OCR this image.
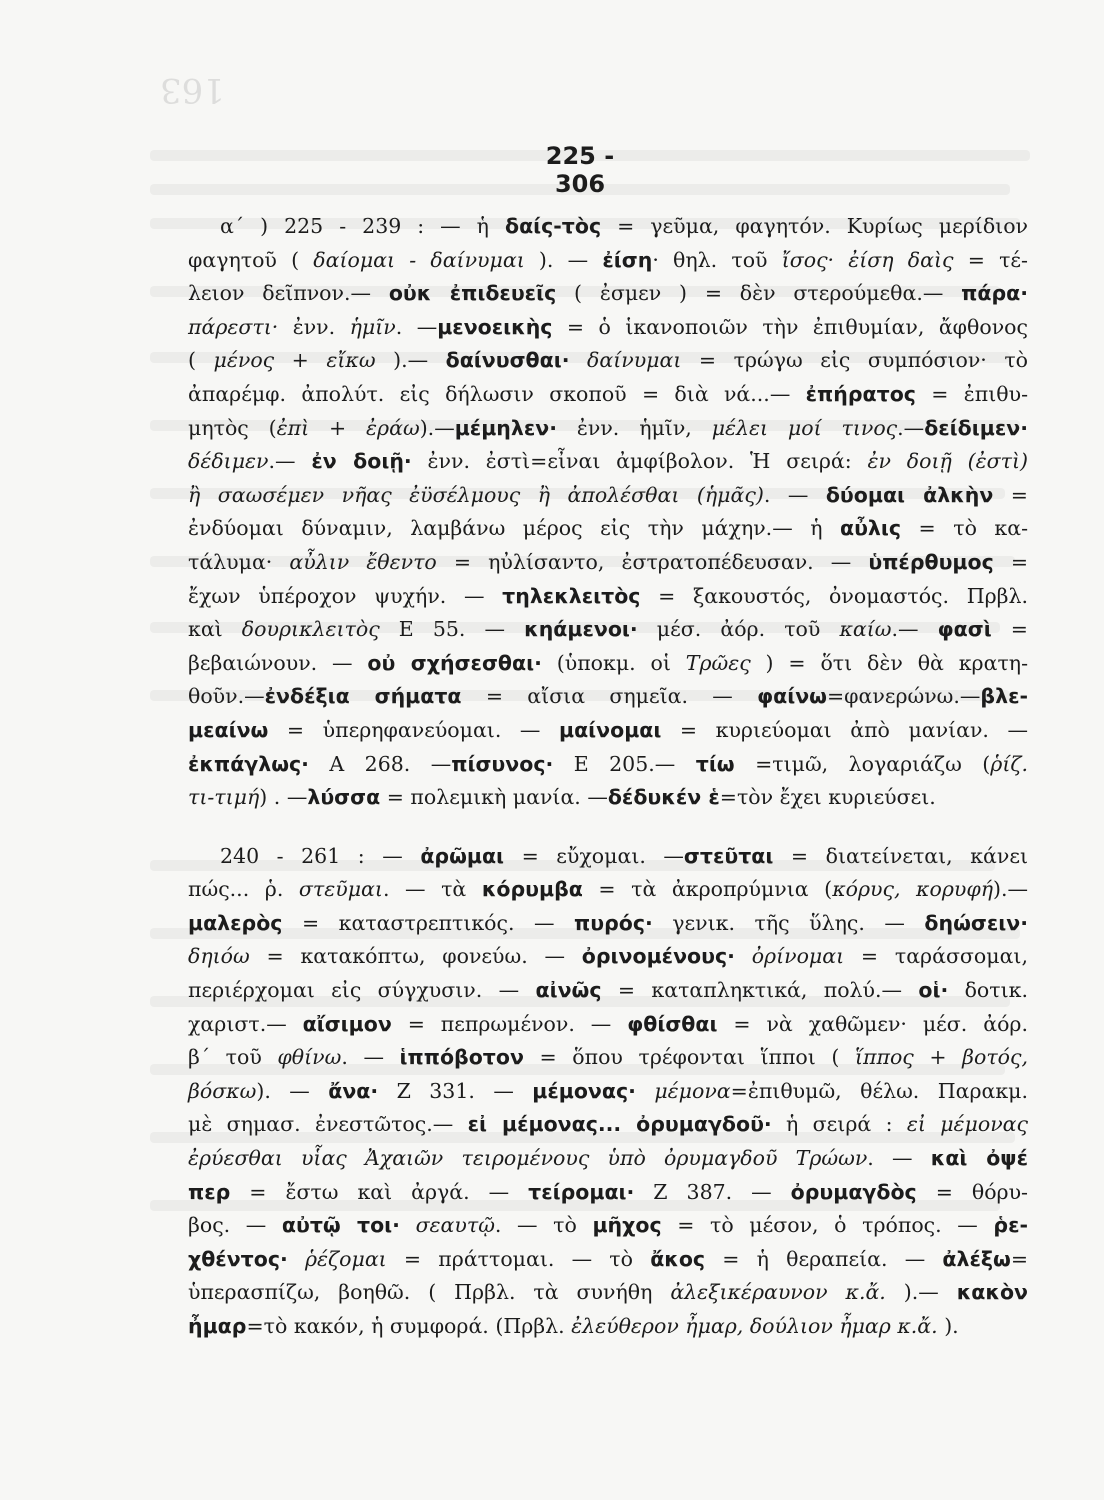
163
225 - 306
α΄ ) 225 - 239 : — ἡ δαίς-τὸς = γεῦμα, φαγητόν. Κυρίως μερίδιον
φαγητοῦ ( δαίομαι - δαίνυμαι ). — ἐίση· θηλ. τοῦ ἴσος· ἐίση δαὶς = τέ-
λειον δεῖπνον.— οὐκ ἐπιδευεῖς ( ἐσμεν ) = δὲν στερούμεθα.— πάρα·
πάρεστι· ἐνν. ἡμῖν. —μενοεικὴς = ὁ ἱκανοποιῶν τὴν ἐπιθυμίαν, ἄφθονος
( μένος + εἴκω ).— δαίνυσθαι· δαίνυμαι = τρώγω εἰς συμπόσιον· τὸ
ἀπαρέμφ. ἀπολύτ. εἰς δήλωσιν σκοποῦ = διὰ νά...— ἐπήρατος = ἐπιθυ-
μητὸς (ἐπὶ + ἐράω).—μέμηλεν· ἐνν. ἡμῖν, μέλει μοί τινος.—δείδιμεν·
δέδιμεν.— ἐν δοιῇ· ἐνν. ἐστὶ=εἶναι ἀμφίβολον. Ἡ σειρά: ἐν δοιῇ (ἐστὶ)
ἢ σαωσέμεν νῆας ἐϋσέλμους ἢ ἀπολέσθαι (ἡμᾶς). — δύομαι ἀλκὴν =
ἐνδύομαι δύναμιν, λαμβάνω μέρος εἰς τὴν μάχην.— ἡ αὖλις = τὸ κα-
τάλυμα· αὖλιν ἔθεντο = ηὐλίσαντο, ἐστρατοπέδευσαν. — ὑπέρθυμος =
ἔχων ὑπέροχον ψυχήν. — τηλεκλειτὸς = ξακουστός, ὀνομαστός. Πρβλ.
καὶ δουρικλειτὸς Ε 55. — κηάμενοι· μέσ. ἀόρ. τοῦ καίω.— φασὶ =
βεβαιώνουν. — οὐ σχήσεσθαι· (ὑποκμ. οἱ Τρῶες ) = ὅτι δὲν θὰ κρατη-
θοῦν.—ἐνδέξια σήματα = αἴσια σημεῖα. — φαίνω=φανερώνω.—βλε-
μεαίνω = ὑπερηφανεύομαι. — μαίνομαι = κυριεύομαι ἀπὸ μανίαν. —
ἐκπάγλως· Α 268. —πίσυνος· Ε 205.— τίω =τιμῶ, λογαριάζω (ῥίζ.
τι-τιμή) . —λύσσα = πολεμικὴ μανία. —δέδυκέν ἑ=τὸν ἔχει κυριεύσει.
240 - 261 : — ἀρῶμαι = εὔχομαι. —στεῦται = διατείνεται, κάνει
πώς... ῥ. στεῦμαι. — τὰ κόρυμβα = τὰ ἀκροπρύμνια (κόρυς, κορυφή).—
μαλερὸς = καταστρεπτικός. — πυρός· γενικ. τῆς ὕλης. — δηώσειν·
δηιόω = κατακόπτω, φονεύω. — ὀρινομένους· ὀρίνομαι = ταράσσομαι,
περιέρχομαι εἰς σύγχυσιν. — αἰνῶς = καταπληκτικά, πολύ.— οἱ· δοτικ.
χαριστ.— αἴσιμον = πεπρωμένον. — φθίσθαι = νὰ χαθῶμεν· μέσ. ἀόρ.
β΄ τοῦ φθίνω. — ἱππόβοτον = ὅπου τρέφονται ἵπποι ( ἵππος + βοτός,
βόσκω). — ἄνα· Ζ 331. — μέμονας· μέμονα=ἐπιθυμῶ, θέλω. Παρακμ.
μὲ σημασ. ἐνεστῶτος.— εἰ μέμονας... ὀρυμαγδοῦ· ἡ σειρά : εἰ μέμονας
ἐρύεσθαι υἷας Ἀχαιῶν τειρομένους ὑπὸ ὀρυμαγδοῦ Τρώων. — καὶ ὀψέ
περ = ἔστω καὶ ἀργά. — τείρομαι· Ζ 387. — ὀρυμαγδὸς = θόρυ-
βος. — αὐτῷ τοι· σεαυτῷ. — τὸ μῆχος = τὸ μέσον, ὁ τρόπος. — ῥε-
χθέντος· ῥέζομαι = πράττομαι. — τὸ ἄκος = ἡ θεραπεία. — ἀλέξω=
ὑπερασπίζω, βοηθῶ. ( Πρβλ. τὰ συνήθη ἀλεξικέραυνον κ.ἄ. ).— κακὸν
ἦμαρ=τὸ κακόν, ἡ συμφορά. (Πρβλ. ἐλεύθερον ἦμαρ, δούλιον ἦμαρ κ.ἄ. ).
